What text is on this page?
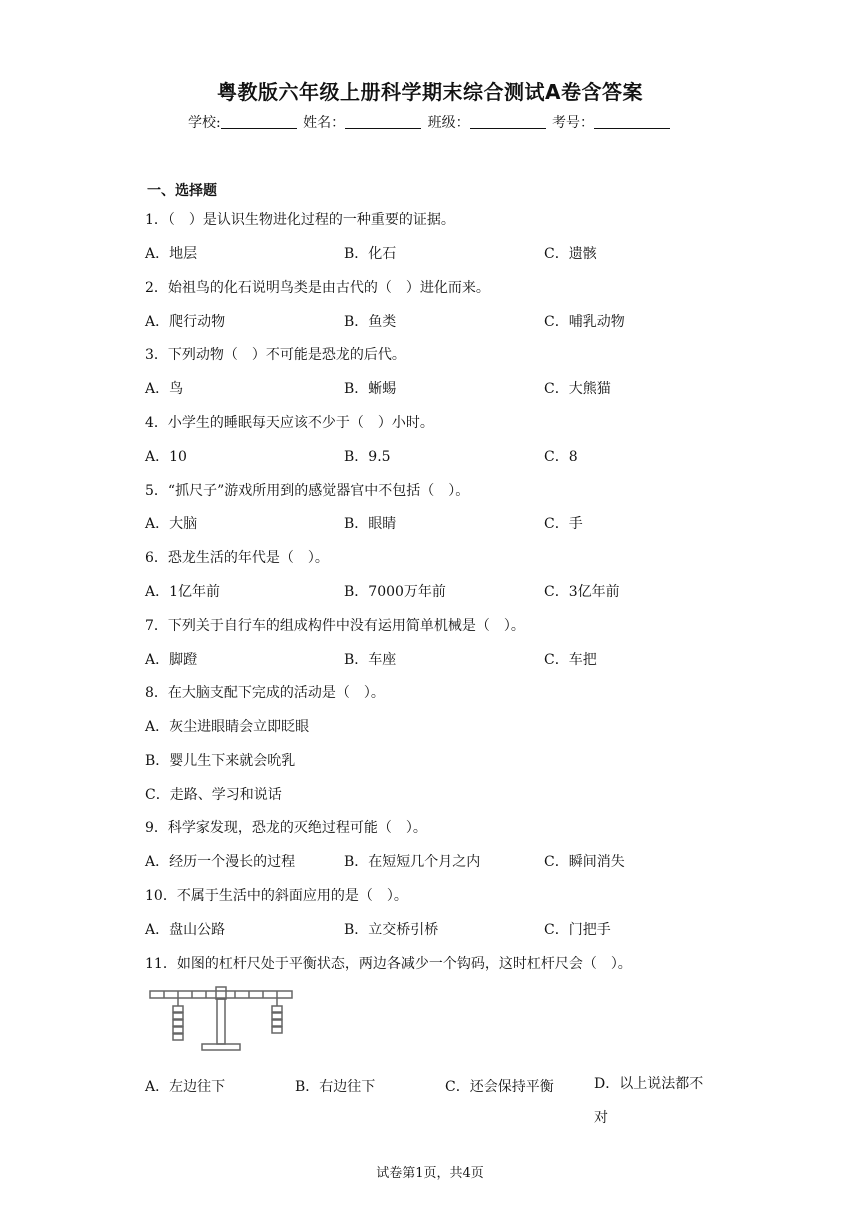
粤教版六年级上册科学期末综合测试A卷含答案
学校:	姓名：	班级：	考号：
一、选择题
1．（　）是认识生物进化过程的一种重要的证据。
A．地层	B．化石	C．遗骸
2．始祖鸟的化石说明鸟类是由古代的（　）进化而来。
A．爬行动物	B．鱼类	C．哺乳动物
3．下列动物（　）不可能是恐龙的后代。
A．鸟	B．蜥蜴	C．大熊猫
4．小学生的睡眠每天应该不少于（　）小时。
A．10	B．9.5	C．8
5．“抓尺子”游戏所用到的感觉器官中不包括（　）。
A．大脑	B．眼睛	C．手
6．恐龙生活的年代是（　）。
A．1亿年前	B．7000万年前	C．3亿年前
7．下列关于自行车的组成构件中没有运用简单机械是（　）。
A．脚蹬	B．车座	C．车把
8．在大脑支配下完成的活动是（　）。
A．灰尘进眼睛会立即眨眼
B．婴儿生下来就会吮乳
C．走路、学习和说话
9．科学家发现，恐龙的灭绝过程可能（　）。
A．经历一个漫长的过程	B．在短短几个月之内	C．瞬间消失
10．不属于生活中的斜面应用的是（　）。
A．盘山公路	B．立交桥引桥	C．门把手
11．如图的杠杆尺处于平衡状态，两边各减少一个钩码，这时杠杆尺会（　）。
A．左边往下	B．右边往下	C．还会保持平衡	D．以上说法都不对
试卷第1页，共4页
